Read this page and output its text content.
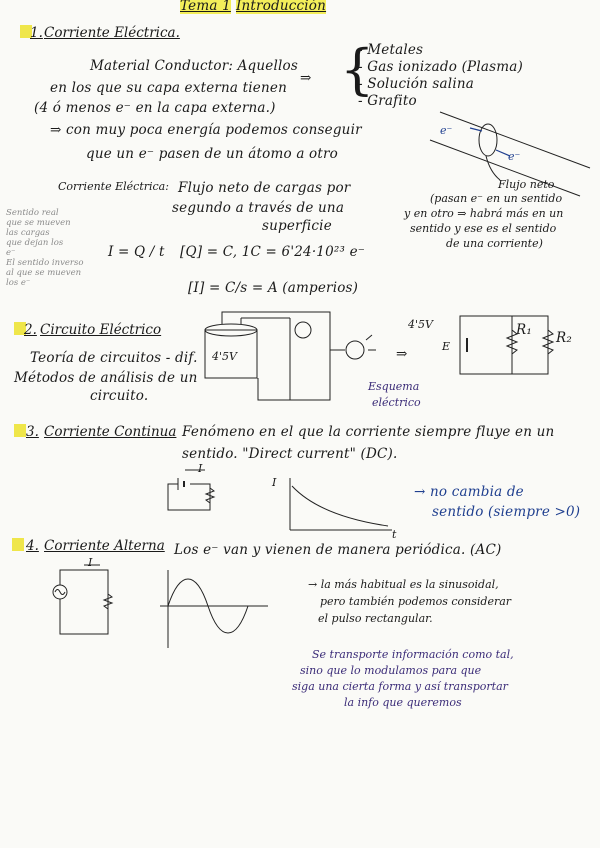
Tema 1 Introducción
1. Corriente Eléctrica.
Material Conductor: Aquellos
en los que su capa externa tienen
(4 ó menos e⁻ en la capa externa.)
⇒ {
- Metales
- Gas ionizado (Plasma)
- Solución salina
- Grafito
⇒ con muy poca energía podemos conseguir
que un e⁻ pasen de un átomo a otro
e⁻
e⁻
Flujo neto
(pasan e⁻ en un sentido
y en otro ⇒ habrá más en un
sentido y ese es el sentido
de una corriente)
Corriente Eléctrica: Flujo neto de cargas por
segundo a través de una
superficie
I = Q / t [Q] = C, 1C = 6'24·10²³ e⁻
[I] = C/s = A (amperios)
Sentido real
que se mueven
las cargas
que dejan los
e⁻
El sentido inverso
al que se mueven
los e⁻
2. Circuito Eléctrico
Teoría de circuitos - dif.
Métodos de análisis de un
circuito.
4'5V	⇒
4'5V
E
R₁ R₂
Esquema
eléctrico
3. Corriente Continua Fenómeno en el que la corriente siempre fluye en un
sentido. "Direct current" (DC).
I
I
t
→ no cambia de
sentido (siempre >0)
4. Corriente Alterna Los e⁻ van y vienen de manera periódica. (AC)
I
→ la más habitual es la sinusoidal,
pero también podemos considerar
el pulso rectangular.
Se transporte información como tal,
sino que lo modulamos para que
siga una cierta forma y así transportar
la info que queremos
